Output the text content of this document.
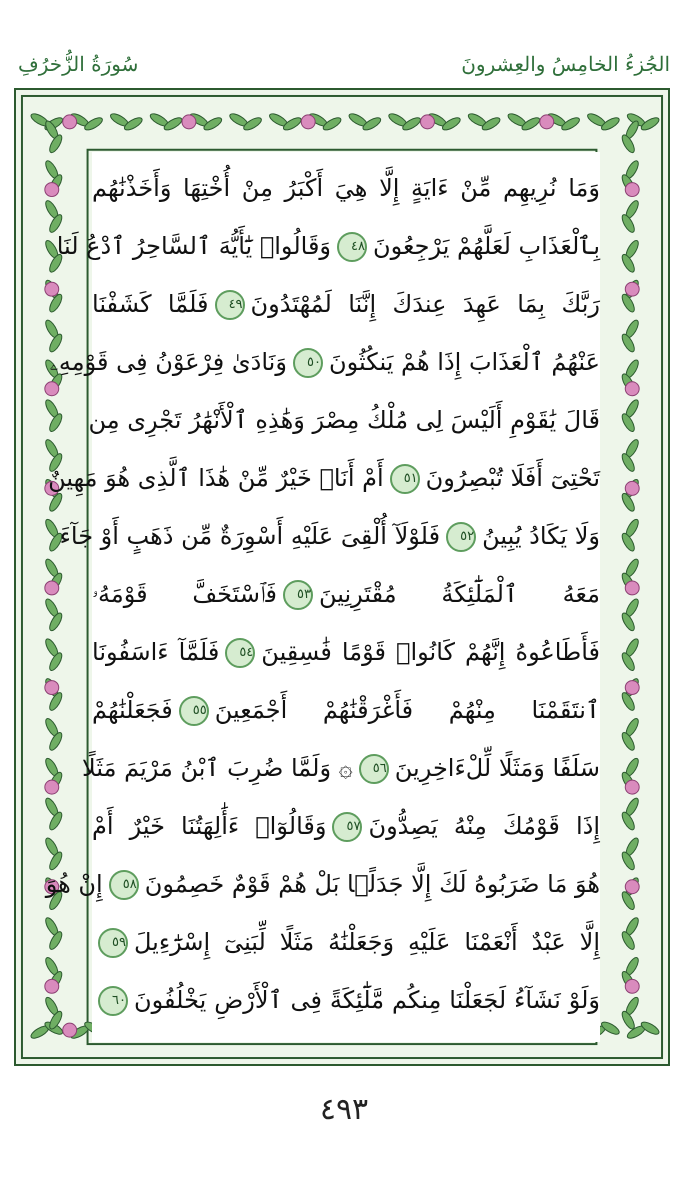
سُورَةُ الزُّخرُفِ	الجُزءُ الخامِسُ والعِشرونَ
وَمَا نُرِيهِم مِّنْ ءَايَةٍ إِلَّا هِيَ أَكْبَرُ مِنْ أُخْتِهَا وَأَخَذْنَٰهُم
بِٱلْعَذَابِ لَعَلَّهُمْ يَرْجِعُونَ٤٨وَقَالُوا۟ يَٰٓأَيُّهَ ٱلسَّاحِرُ ٱدْعُ لَنَا
رَبَّكَ بِمَا عَهِدَ عِندَكَ إِنَّنَا لَمُهْتَدُونَ٤٩فَلَمَّا كَشَفْنَا
عَنْهُمُ ٱلْعَذَابَ إِذَا هُمْ يَنكُثُونَ٥٠وَنَادَىٰ فِرْعَوْنُ فِى قَوْمِهِۦ
قَالَ يَٰقَوْمِ أَلَيْسَ لِى مُلْكُ مِصْرَ وَهَٰذِهِ ٱلْأَنْهَٰرُ تَجْرِى مِن
تَحْتِىٓ أَفَلَا تُبْصِرُونَ٥١أَمْ أَنَا۠ خَيْرٌ مِّنْ هَٰذَا ٱلَّذِى هُوَ مَهِينٌ
وَلَا يَكَادُ يُبِينُ٥٢فَلَوْلَآ أُلْقِىَ عَلَيْهِ أَسْوِرَةٌ مِّن ذَهَبٍ أَوْ جَآءَ
مَعَهُ ٱلْمَلَٰٓئِكَةُ مُقْتَرِنِينَ٥٣فَٱسْتَخَفَّ قَوْمَهُۥ
فَأَطَاعُوهُ إِنَّهُمْ كَانُوا۟ قَوْمًا فَٰسِقِينَ٥٤فَلَمَّآ ءَاسَفُونَا
ٱنتَقَمْنَا مِنْهُمْ فَأَغْرَقْنَٰهُمْ أَجْمَعِينَ٥٥فَجَعَلْنَٰهُمْ
سَلَفًا وَمَثَلًا لِّلْءَاخِرِينَ٥٦۞ وَلَمَّا ضُرِبَ ٱبْنُ مَرْيَمَ مَثَلًا
إِذَا قَوْمُكَ مِنْهُ يَصِدُّونَ٥٧وَقَالُوٓا۟ ءَأَٰلِهَتُنَا خَيْرٌ أَمْ
هُوَ مَا ضَرَبُوهُ لَكَ إِلَّا جَدَلًۢا بَلْ هُمْ قَوْمٌ خَصِمُونَ٥٨إِنْ هُوَ
إِلَّا عَبْدٌ أَنْعَمْنَا عَلَيْهِ وَجَعَلْنَٰهُ مَثَلًا لِّبَنِىٓ إِسْرَٰٓءِيلَ٥٩
وَلَوْ نَشَآءُ لَجَعَلْنَا مِنكُم مَّلَٰٓئِكَةً فِى ٱلْأَرْضِ يَخْلُفُونَ٦٠
٤٩٣
